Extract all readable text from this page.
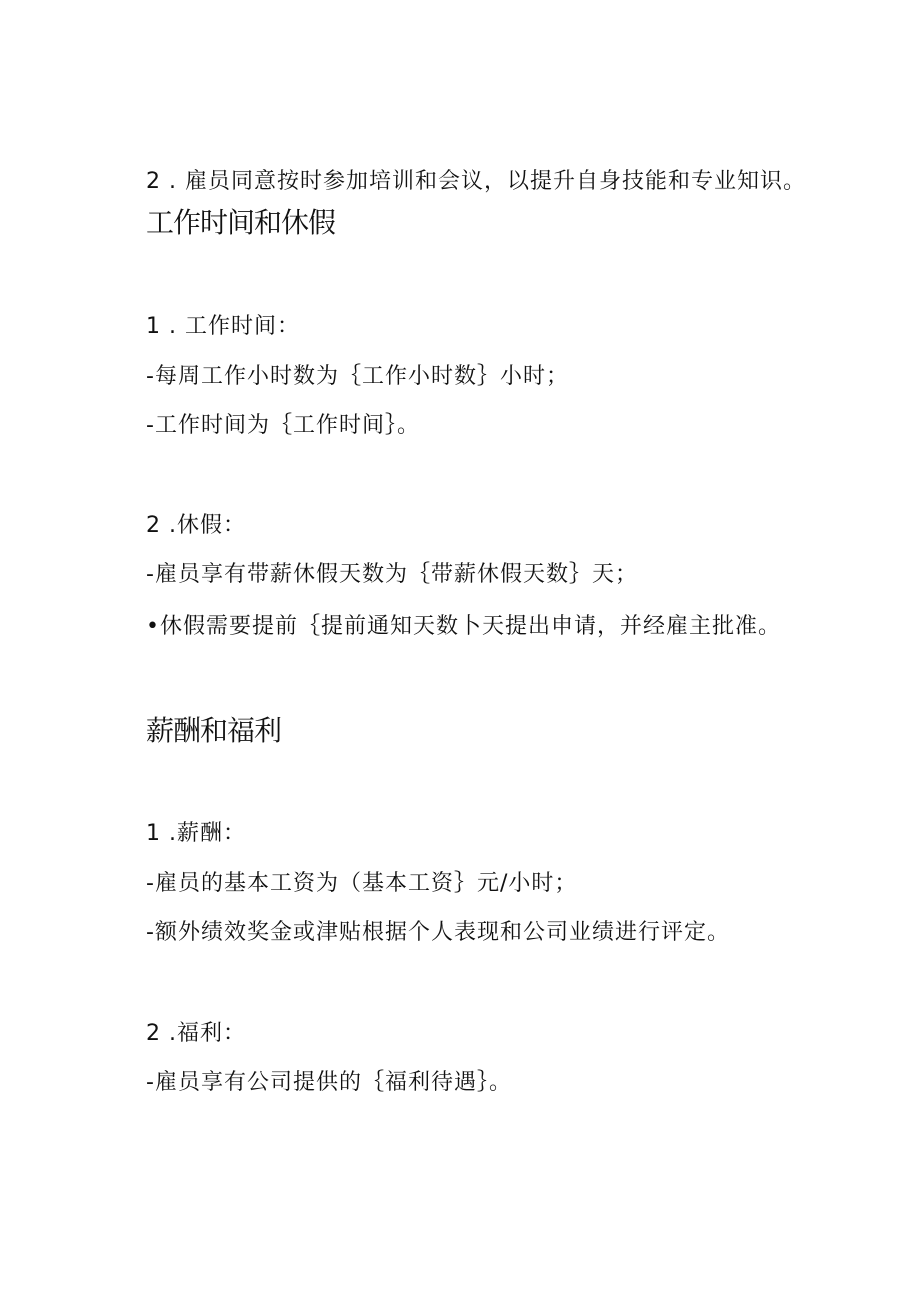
2 . 雇员同意按时参加培训和会议，以提升自身技能和专业知识。
工作时间和休假
1 . 工作时间：
-每周工作小时数为｛工作小时数｝小时；
-工作时间为｛工作时间｝。
2 .休假：
-雇员享有带薪休假天数为｛带薪休假天数｝天；
•休假需要提前｛提前通知天数卜天提出申请，并经雇主批准。
薪酬和福利
1 .薪酬：
-雇员的基本工资为（基本工资｝元/小时；
-额外绩效奖金或津贴根据个人表现和公司业绩进行评定。
2 .福利：
-雇员享有公司提供的｛福利待遇｝。
